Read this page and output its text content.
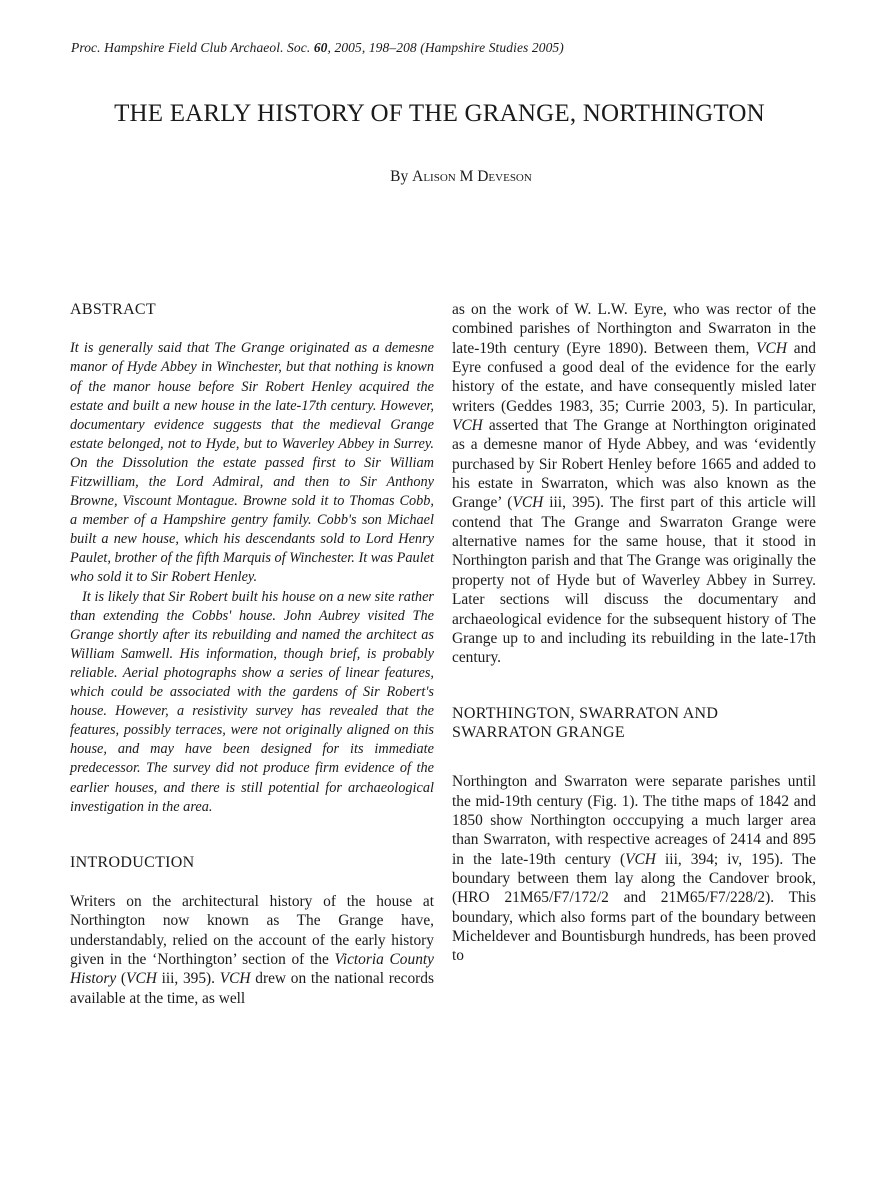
Proc. Hampshire Field Club Archaeol. Soc. 60, 2005, 198–208 (Hampshire Studies 2005)
THE EARLY HISTORY OF THE GRANGE, NORTHINGTON
By Alison M Deveson
ABSTRACT

It is generally said that The Grange originated as a demesne manor of Hyde Abbey in Winchester, but that nothing is known of the manor house before Sir Robert Henley acquired the estate and built a new house in the late-17th century. However, documentary evidence suggests that the medieval Grange estate belonged, not to Hyde, but to Waverley Abbey in Surrey. On the Dissolution the estate passed first to Sir William Fitzwilliam, the Lord Admiral, and then to Sir Anthony Browne, Viscount Montague. Browne sold it to Thomas Cobb, a member of a Hampshire gentry family. Cobb's son Michael built a new house, which his descendants sold to Lord Henry Paulet, brother of the fifth Marquis of Winchester. It was Paulet who sold it to Sir Robert Henley.

It is likely that Sir Robert built his house on a new site rather than extending the Cobbs' house. John Aubrey visited The Grange shortly after its rebuilding and named the architect as William Samwell. His information, though brief, is probably reliable. Aerial photographs show a series of linear features, which could be associated with the gardens of Sir Robert's house. However, a resistivity survey has revealed that the features, possibly terraces, were not originally aligned on this house, and may have been designed for its immediate predecessor. The survey did not produce firm evidence of the earlier houses, and there is still potential for archaeological investigation in the area.

INTRODUCTION

Writers on the architectural history of the house at Northington now known as The Grange have, understandably, relied on the account of the early history given in the ‘Northington’ section of the Victoria County History (VCH iii, 395). VCH drew on the national records available at the time, as well

as on the work of W. L.W. Eyre, who was rector of the combined parishes of Northington and Swarraton in the late-19th century (Eyre 1890). Between them, VCH and Eyre confused a good deal of the evidence for the early history of the estate, and have consequently misled later writers (Geddes 1983, 35; Currie 2003, 5). In particular, VCH asserted that The Grange at Northington originated as a demesne manor of Hyde Abbey, and was ‘evidently purchased by Sir Robert Henley before 1665 and added to his estate in Swarraton, which was also known as the Grange’ (VCH iii, 395). The first part of this article will contend that The Grange and Swarraton Grange were alternative names for the same house, that it stood in Northington parish and that The Grange was originally the property not of Hyde but of Waverley Abbey in Surrey. Later sections will discuss the documentary and archaeological evidence for the subsequent history of The Grange up to and including its rebuilding in the late-17th century.

NORTHINGTON, SWARRATON AND
SWARRATON GRANGE

Northington and Swarraton were separate parishes until the mid-19th century (Fig. 1). The tithe maps of 1842 and 1850 show Northington occcupying a much larger area than Swarraton, with respective acreages of 2414 and 895 in the late-19th century (VCH iii, 394; iv, 195). The boundary between them lay along the Candover brook, (HRO 21M65/F7/172/2 and 21M65/F7/228/2). This boundary, which also forms part of the boundary between Micheldever and Bountisburgh hundreds, has been proved to
